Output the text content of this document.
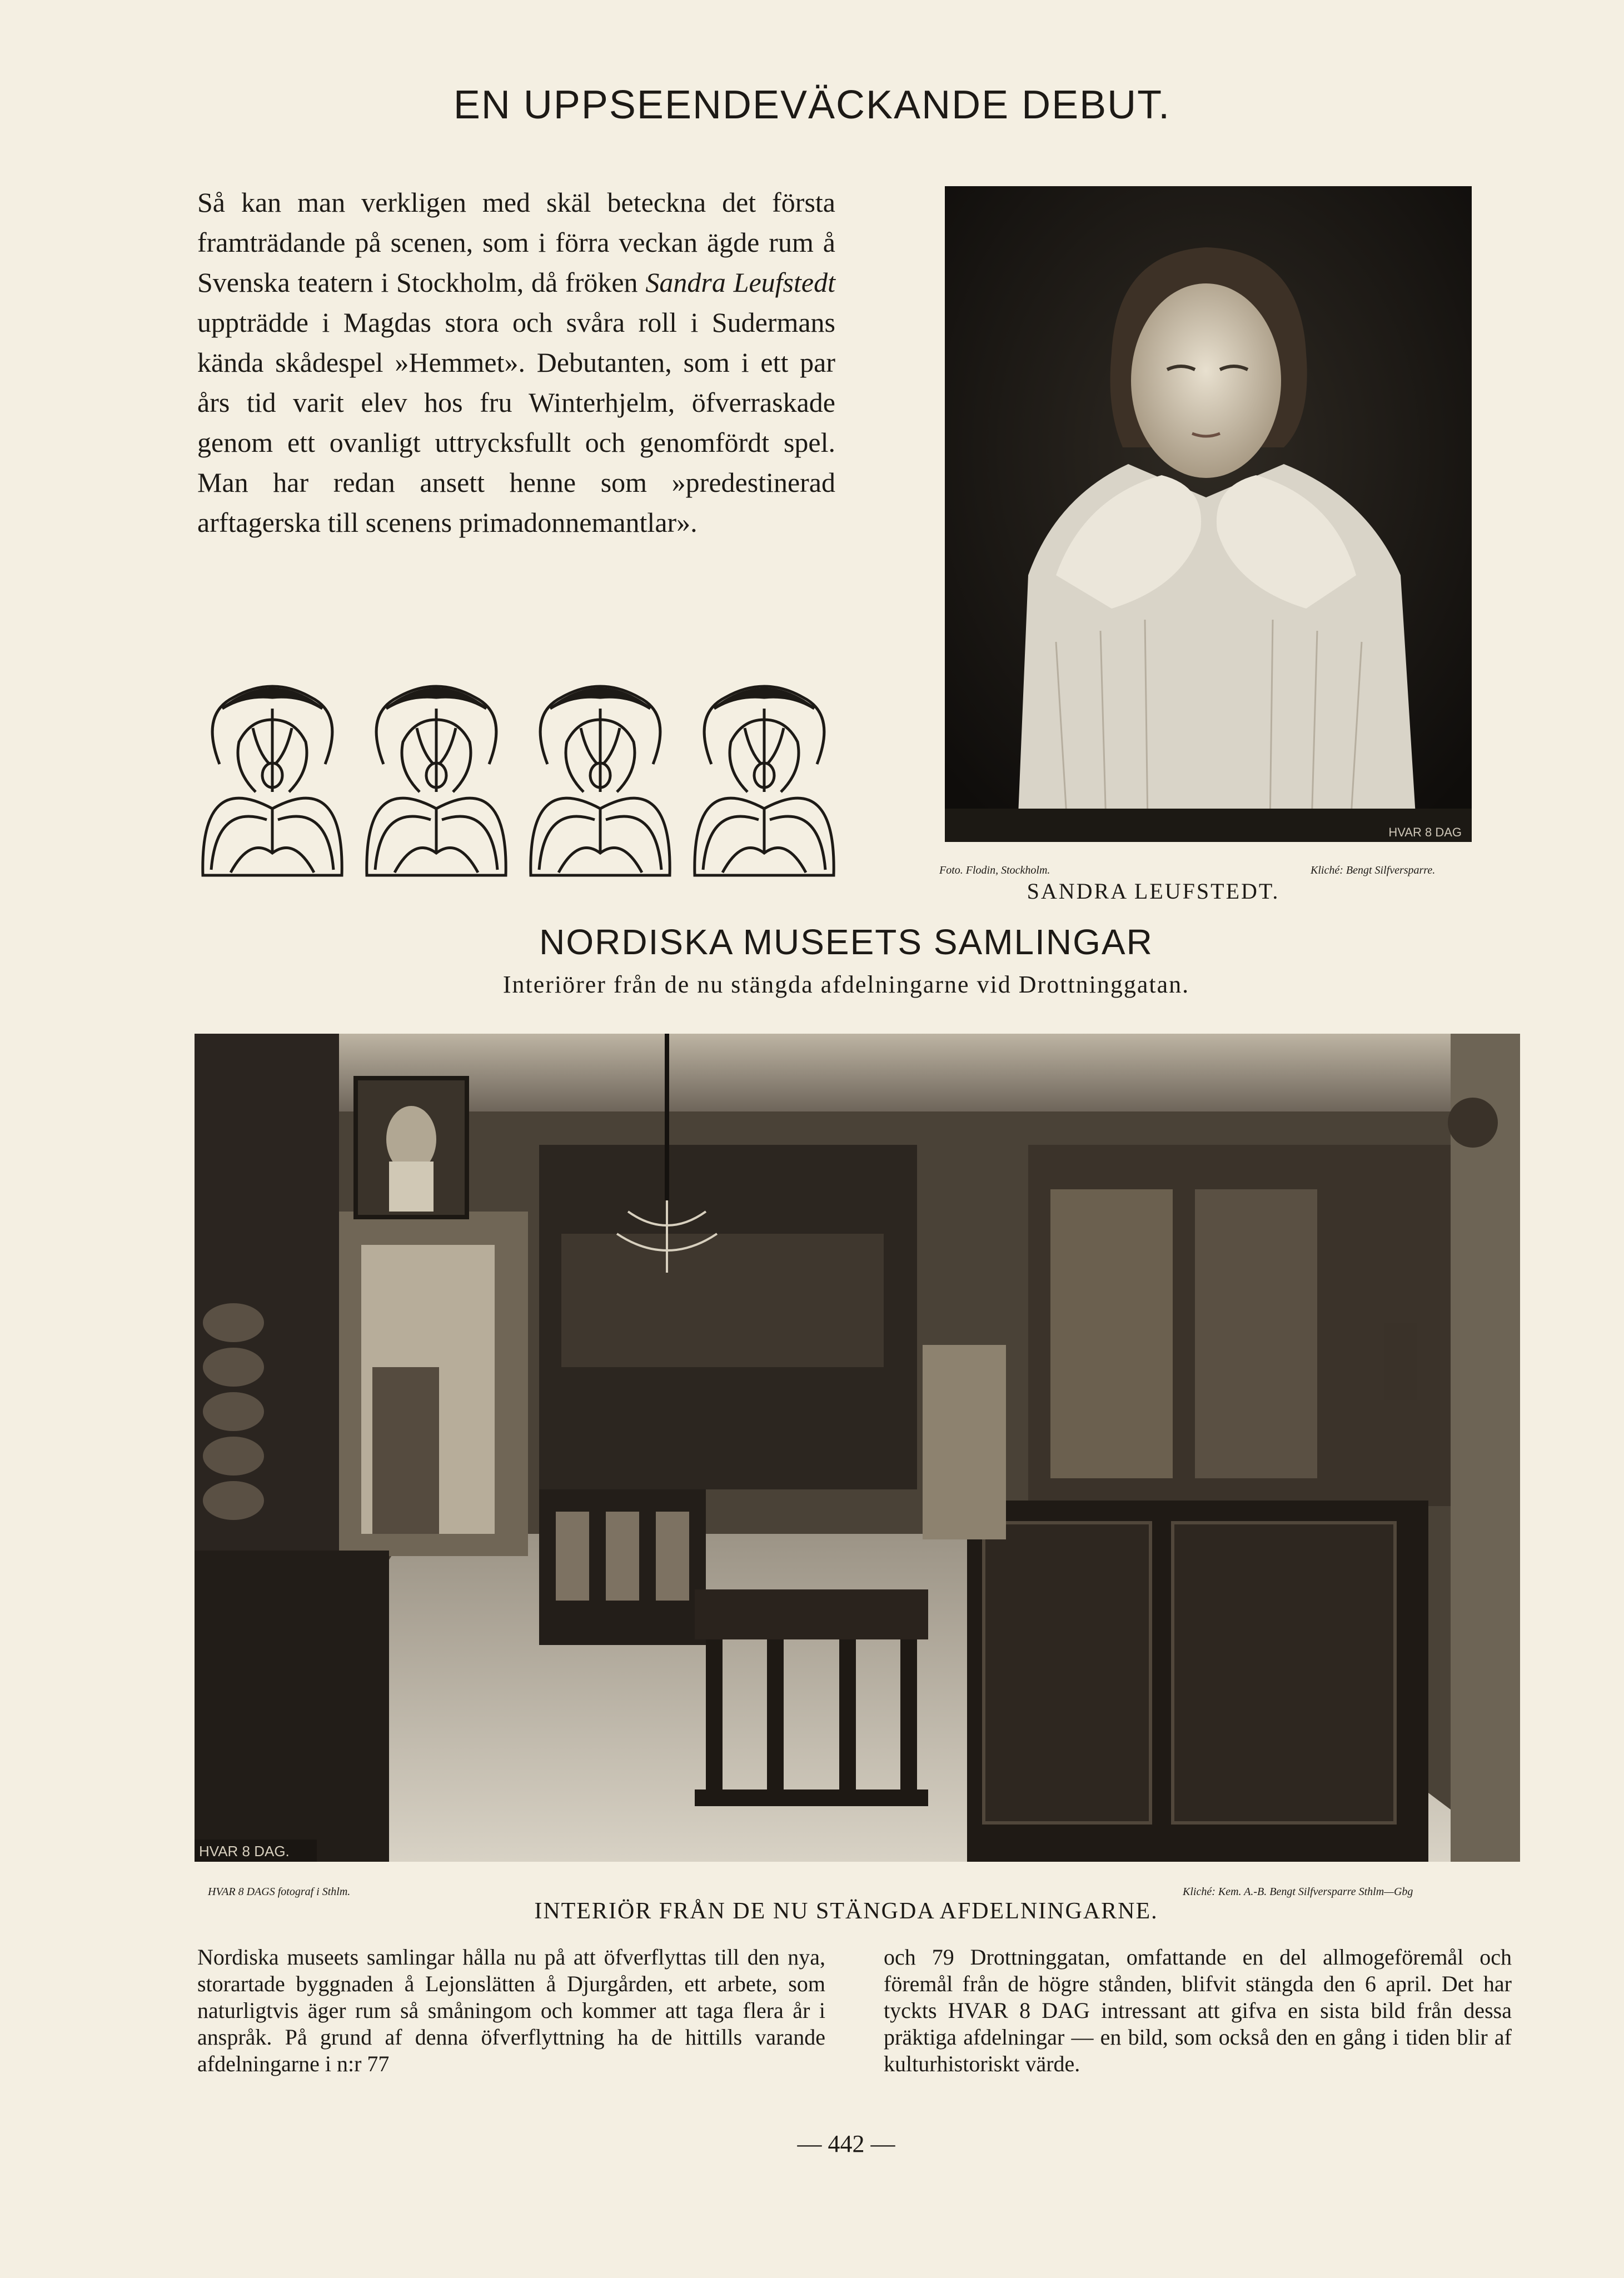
EN UPPSEENDEVÄCKANDE DEBUT.
Så kan man verkligen med skäl beteckna det första framträdande på scenen, som i förra veckan ägde rum å Svenska teatern i Stockholm, då fröken Sandra Leufstedt uppträdde i Magdas stora och svåra roll i Sudermans kända skådespel »Hemmet». Debutanten, som i ett par års tid varit elev hos fru Winterhjelm, öfverraskade genom ett ovanligt uttrycksfullt och genomfördt spel. Man har redan ansett henne som »predestinerad arftagerska till scenens primadonnemantlar».
HVAR 8 DAG
Foto. Flodin, Stockholm.	Kliché: Bengt Silfversparre.
SANDRA LEUFSTEDT.
NORDISKA MUSEETS SAMLINGAR
Interiörer från de nu stängda afdelningarne vid Drottninggatan.
HVAR 8 DAG.
HVAR 8 DAGS fotograf i Sthlm.	Kliché: Kem. A.-B. Bengt Silfversparre Sthlm—Gbg
INTERIÖR FRÅN DE NU STÄNGDA AFDELNINGARNE.
Nordiska museets samlingar hålla nu på att öfverflyttas till den nya, storartade byggnaden å Lejonslätten å Djurgården, ett arbete, som naturligtvis äger rum så småningom och kommer att taga flera år i anspråk. På grund af denna öfverflyttning ha de hittills varande afdelningarne i n:r 77
och 79 Drottninggatan, omfattande en del allmogeföremål och föremål från de högre stånden, blifvit stängda den 6 april. Det har tyckts HVAR 8 DAG intressant att gifva en sista bild från dessa präktiga afdelningar — en bild, som också den en gång i tiden blir af kulturhistoriskt värde.
— 442 —
